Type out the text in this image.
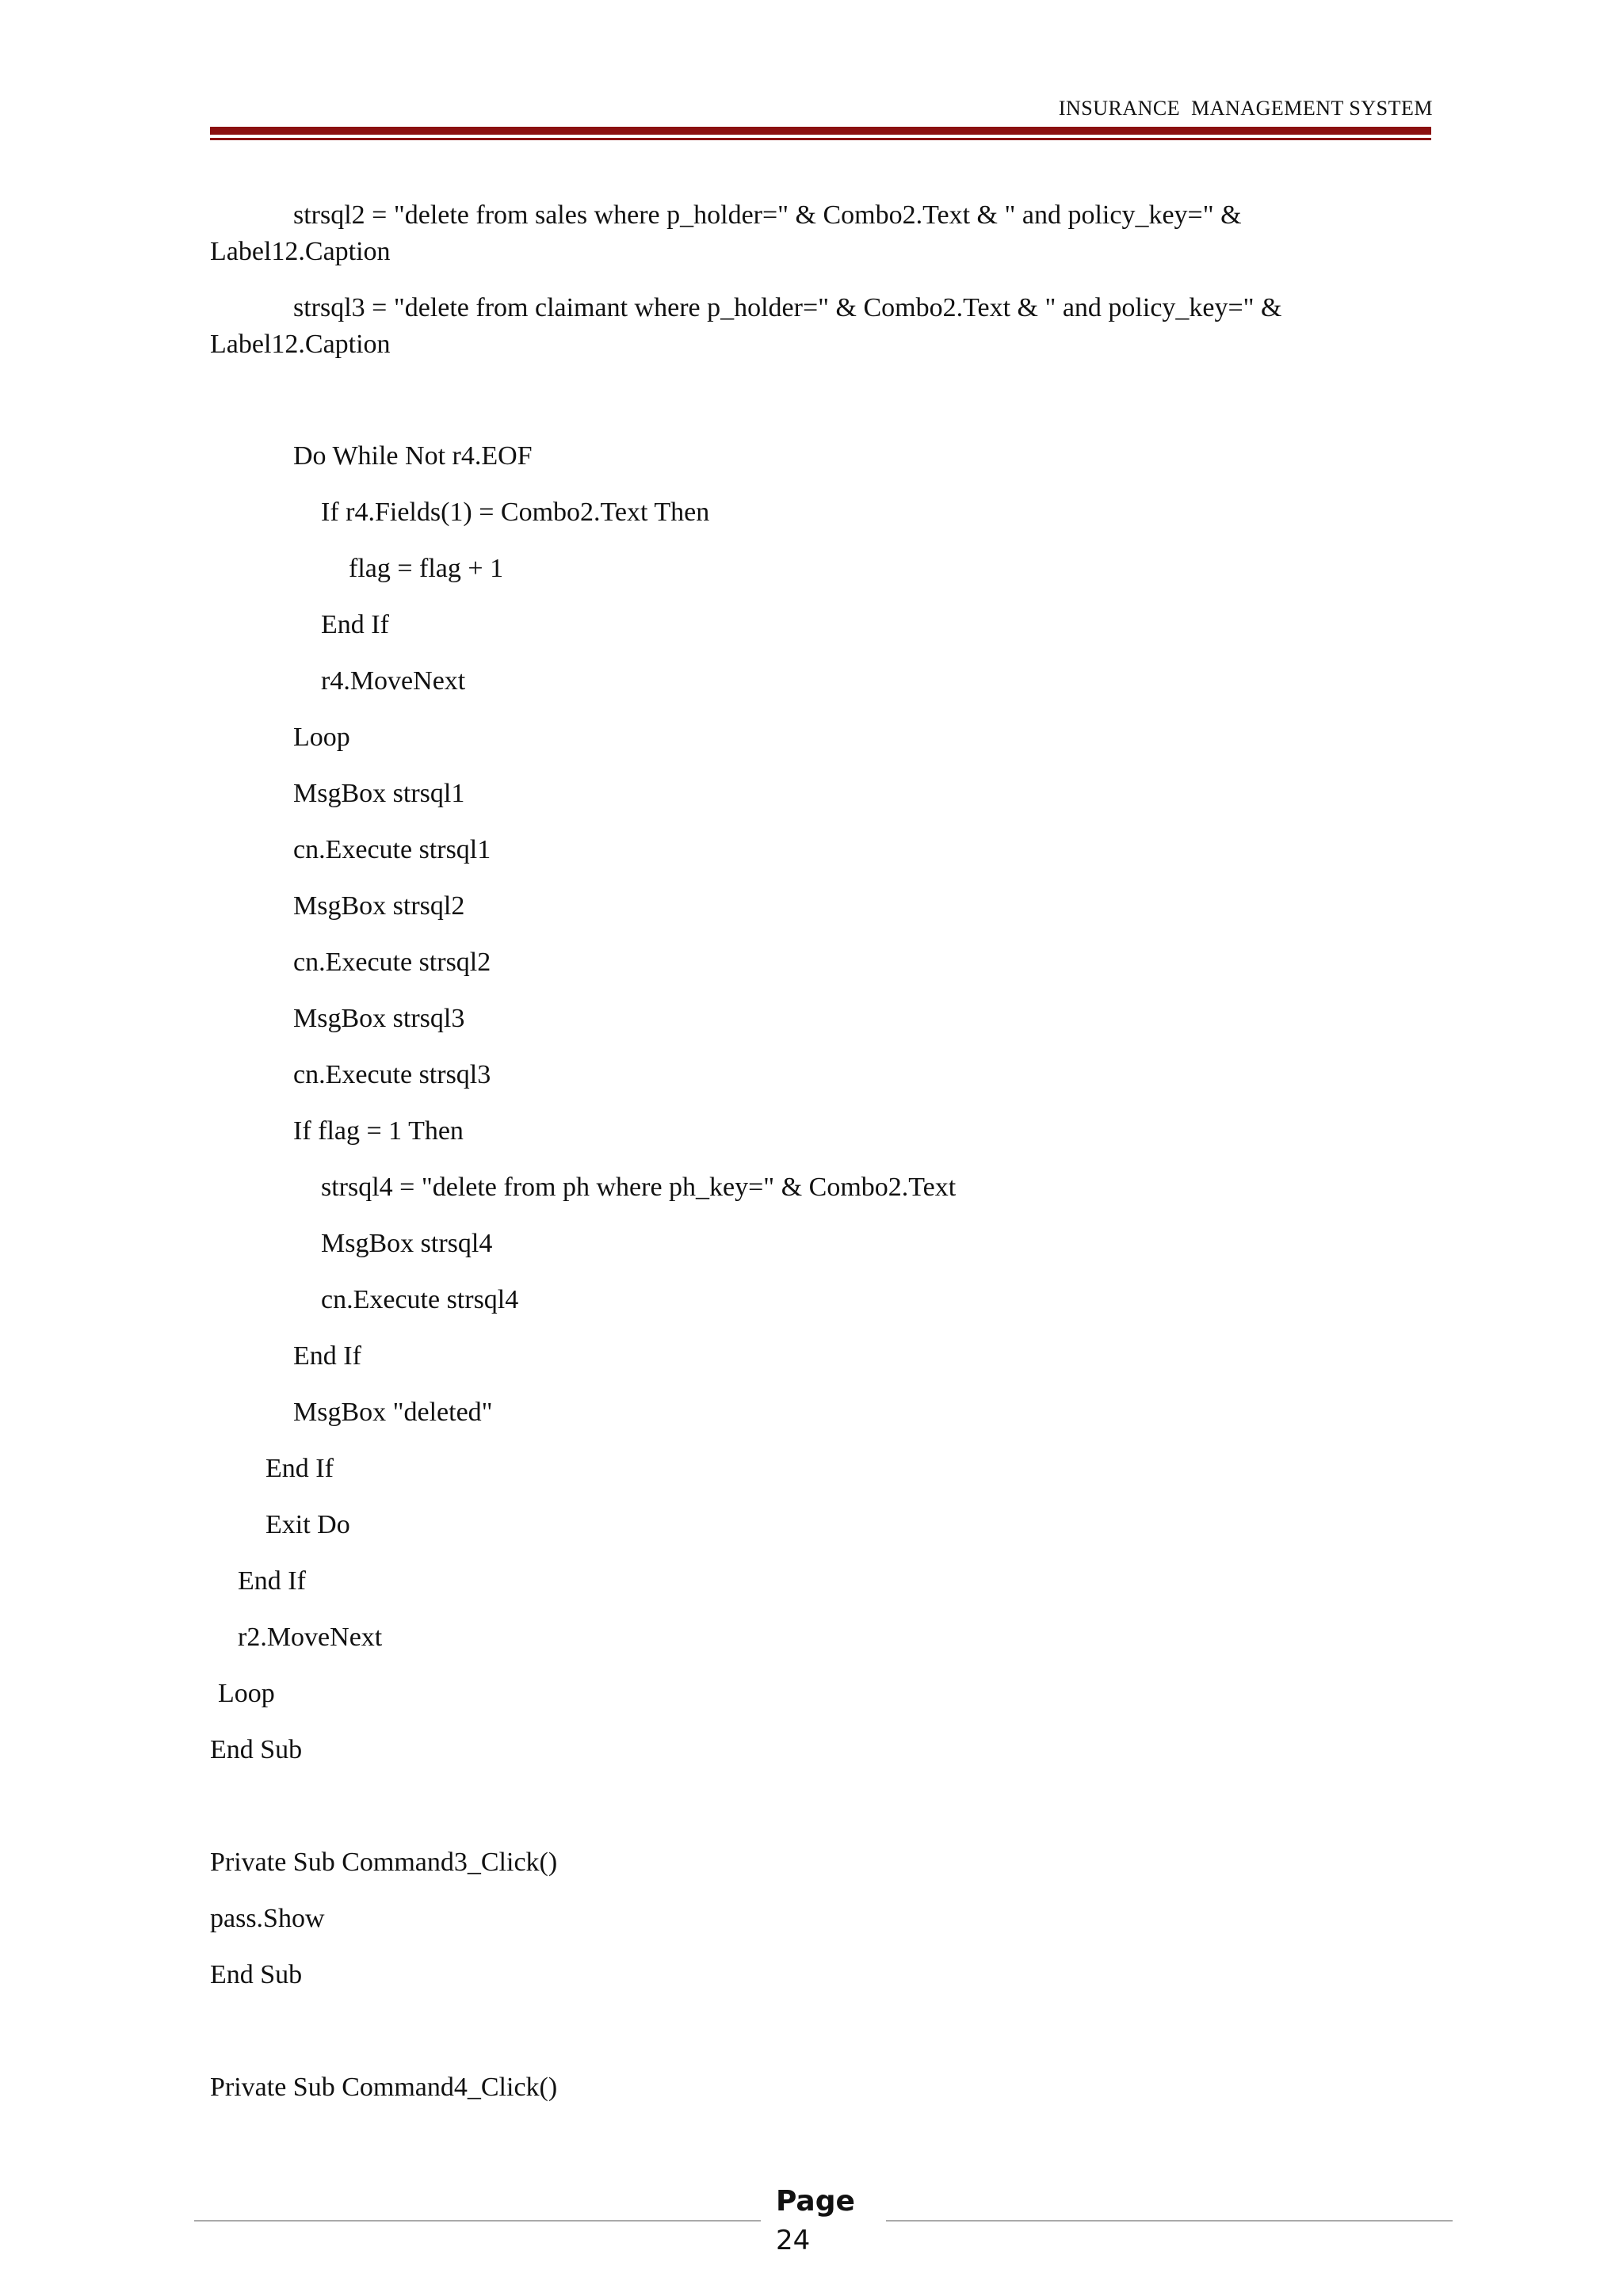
INSURANCE  MANAGEMENT SYSTEM
strsql2 = "delete from sales where p_holder=" & Combo2.Text & " and policy_key=" &
Label12.Caption
strsql3 = "delete from claimant where p_holder=" & Combo2.Text & " and policy_key=" &
Label12.Caption
Do While Not r4.EOF
If r4.Fields(1) = Combo2.Text Then
flag = flag + 1
End If
r4.MoveNext
Loop
MsgBox strsql1
cn.Execute strsql1
MsgBox strsql2
cn.Execute strsql2
MsgBox strsql3
cn.Execute strsql3
If flag = 1 Then
strsql4 = "delete from ph where ph_key=" & Combo2.Text
MsgBox strsql4
cn.Execute strsql4
End If
MsgBox "deleted"
End If
Exit Do
End If
r2.MoveNext
Loop
End Sub
Private Sub Command3_Click()
pass.Show
End Sub
Private Sub Command4_Click()
Page
24
